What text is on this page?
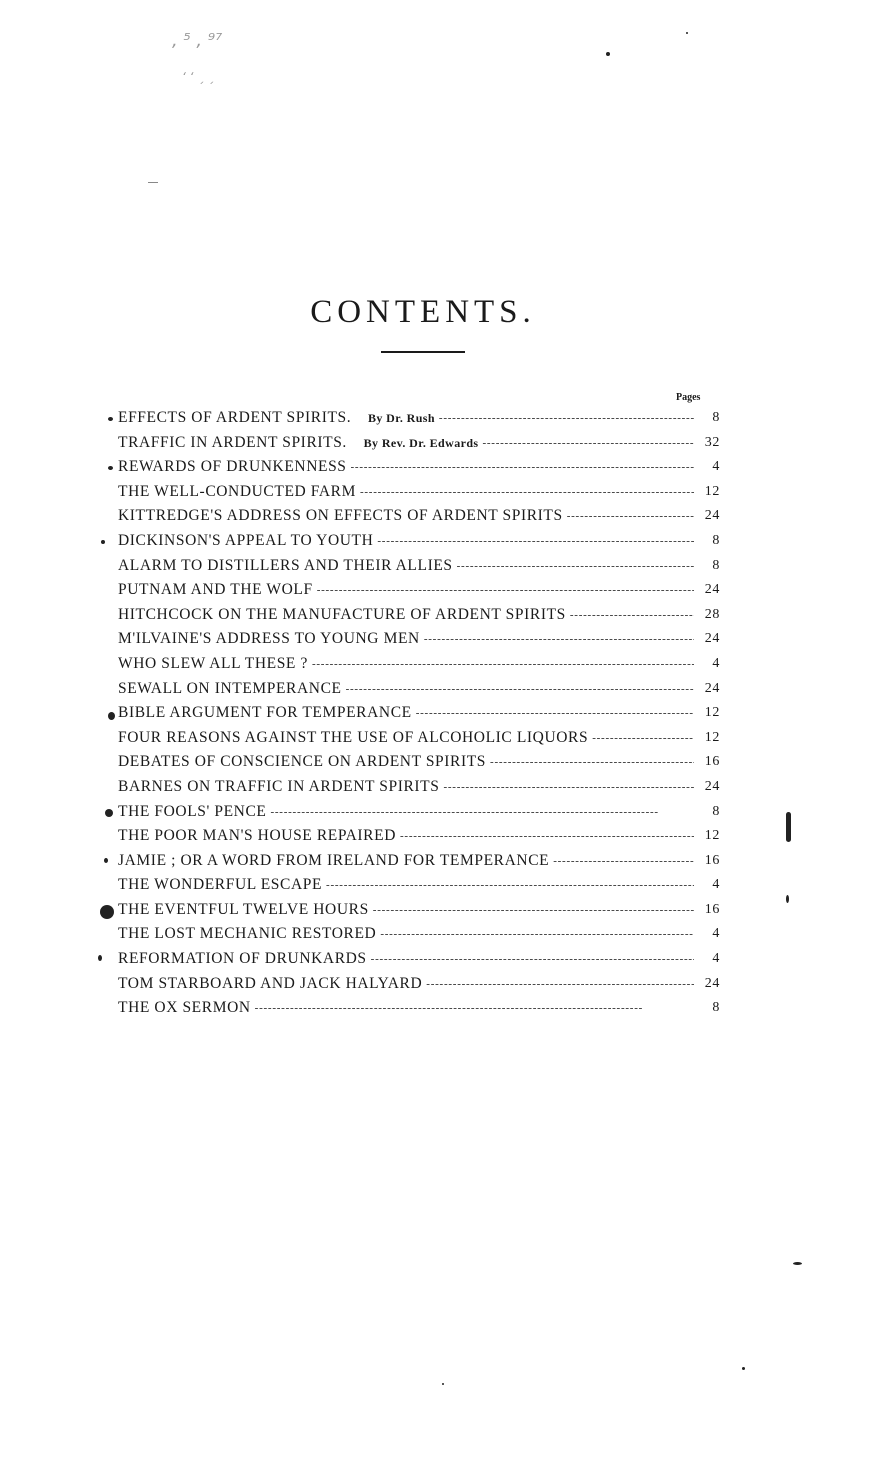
, ⁵ , ⁹⁷
ʻ ʻ ˏ ˏ
CONTENTS.
Pages
EFFECTS OF ARDENT SPIRITS.   By Dr. Rush - - -	8
TRAFFIC IN ARDENT SPIRITS.   By Rev. Dr. Edwards - - -	32
REWARDS OF DRUNKENNESS - - -	4
THE WELL-CONDUCTED FARM - - -	12
KITTREDGE'S ADDRESS ON EFFECTS OF ARDENT SPIRITS - - -	24
DICKINSON'S APPEAL TO YOUTH - - -	8
ALARM TO DISTILLERS AND THEIR ALLIES - - -	8
PUTNAM AND THE WOLF - - -	24
HITCHCOCK ON THE MANUFACTURE OF ARDENT SPIRITS - - -	28
M'ILVAINE'S ADDRESS TO YOUNG MEN - - -	24
WHO SLEW ALL THESE ? - - -	4
SEWALL ON INTEMPERANCE - - -	24
BIBLE ARGUMENT FOR TEMPERANCE - - -	12
FOUR REASONS AGAINST THE USE OF ALCOHOLIC LIQUORS - - -	12
DEBATES OF CONSCIENCE ON ARDENT SPIRITS - - -	16
BARNES ON TRAFFIC IN ARDENT SPIRITS - - -	24
THE FOOLS' PENCE - - -	8
THE POOR MAN'S HOUSE REPAIRED - - -	12
JAMIE ; OR A WORD FROM IRELAND FOR TEMPERANCE - - -	16
THE WONDERFUL ESCAPE - - -	4
THE EVENTFUL TWELVE HOURS - - -	16
THE LOST MECHANIC RESTORED - - -	4
REFORMATION OF DRUNKARDS - - -	4
TOM STARBOARD AND JACK HALYARD - - -	24
THE OX SERMON - - -	8
